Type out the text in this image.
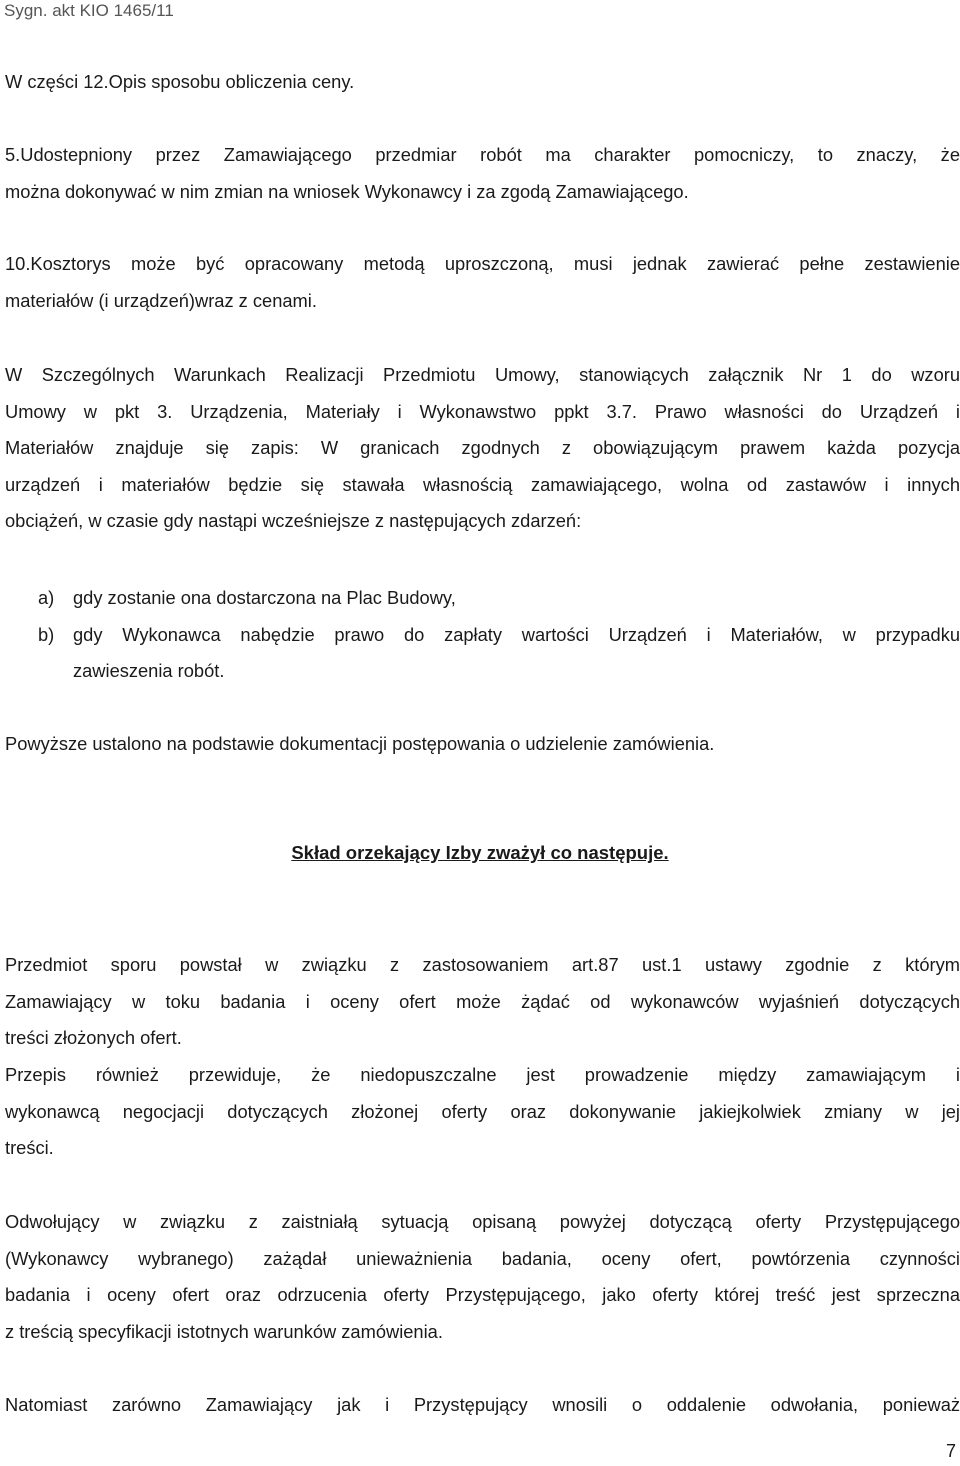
Sygn. akt KIO 1465/11
W części 12.Opis sposobu obliczenia ceny.
5.Udostepniony przez Zamawiającego przedmiar robót ma charakter pomocniczy, to znaczy, że
można dokonywać w nim zmian na wniosek Wykonawcy i za zgodą Zamawiającego.
10.Kosztorys może być opracowany metodą uproszczoną, musi jednak zawierać pełne zestawienie
materiałów (i urządzeń)wraz z cenami.
W Szczególnych Warunkach Realizacji Przedmiotu Umowy, stanowiących załącznik Nr 1 do wzoru
Umowy w pkt 3. Urządzenia, Materiały i Wykonawstwo ppkt 3.7. Prawo własności do Urządzeń i
Materiałów znajduje się zapis: W granicach zgodnych z obowiązującym prawem każda pozycja
urządzeń i materiałów będzie się stawała własnością zamawiającego, wolna od zastawów i innych
obciążeń, w czasie gdy nastąpi wcześniejsze z następujących zdarzeń:
a) gdy zostanie ona dostarczona na Plac Budowy,
b) gdy Wykonawca nabędzie prawo do zapłaty wartości Urządzeń i Materiałów, w przypadku
zawieszenia robót.
Powyższe ustalono na podstawie dokumentacji postępowania o udzielenie zamówienia.
Skład orzekający Izby zważył co następuje.
Przedmiot sporu powstał w związku z zastosowaniem art.87 ust.1 ustawy zgodnie z którym
Zamawiający w toku badania i oceny ofert może żądać od wykonawców wyjaśnień dotyczących
treści złożonych ofert.
Przepis również przewiduje, że niedopuszczalne jest prowadzenie między zamawiającym i
wykonawcą negocjacji dotyczących złożonej oferty oraz dokonywanie jakiejkolwiek zmiany w jej
treści.
Odwołujący w związku z zaistniałą sytuacją opisaną powyżej dotyczącą oferty Przystępującego
(Wykonawcy wybranego) zażądał unieważnienia badania, oceny ofert, powtórzenia czynności
badania i oceny ofert oraz odrzucenia oferty Przystępującego, jako oferty której treść jest sprzeczna
z treścią specyfikacji istotnych warunków zamówienia.
Natomiast zarówno Zamawiający jak i Przystępujący wnosili o oddalenie odwołania, ponieważ
7
